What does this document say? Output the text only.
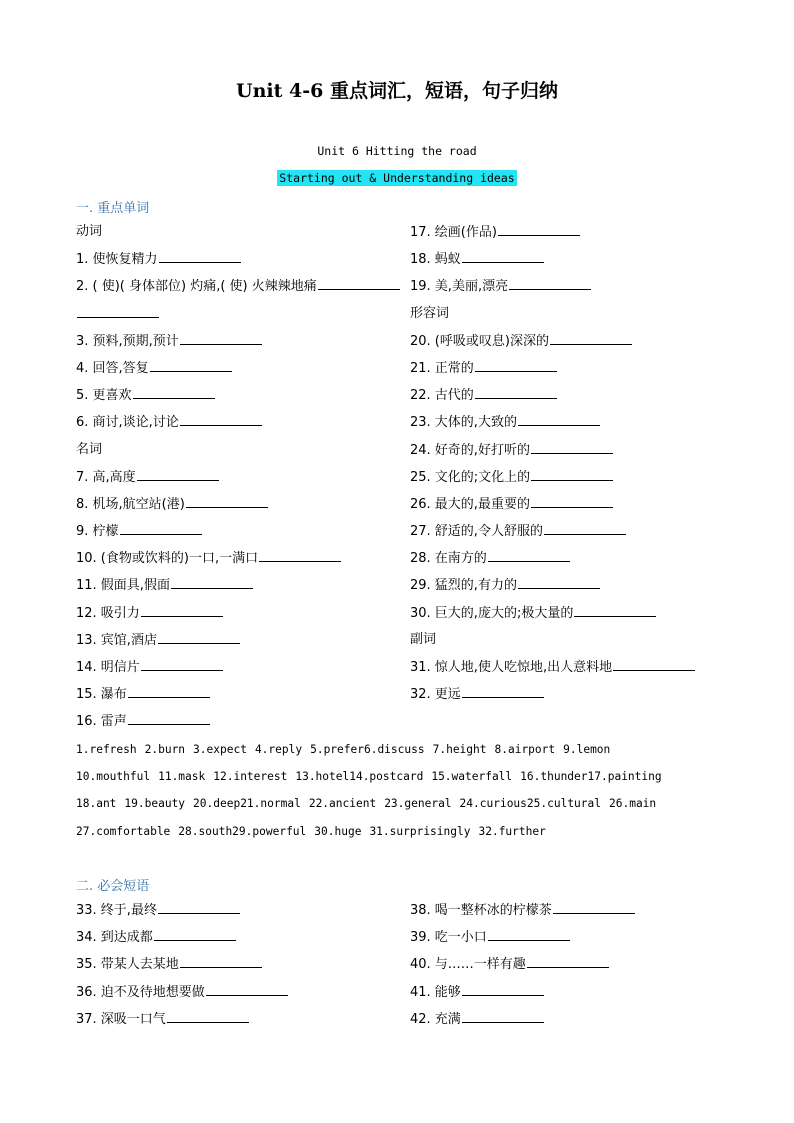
Unit 4-6 重点词汇，短语，句子归纳
Unit 6 Hitting the road
Starting out & Understanding ideas
一. 重点单词
动词
1. 使恢复精力
2. ( 使)( 身体部位) 灼痛,( 使) 火辣辣地痛
3. 预料,预期,预计
4. 回答,答复
5. 更喜欢
6. 商讨,谈论,讨论
名词
7. 高,高度
8. 机场,航空站(港)
9. 柠檬
10. (食物或饮料的)一口,一满口
11. 假面具,假面
12. 吸引力
13. 宾馆,酒店
14. 明信片
15. 瀑布
16. 雷声
17. 绘画(作品)
18. 蚂蚁
19. 美,美丽,漂亮
形容词
20. (呼吸或叹息)深深的
21. 正常的
22. 古代的
23. 大体的,大致的
24. 好奇的,好打听的
25. 文化的;文化上的
26. 最大的,最重要的
27. 舒适的,令人舒服的
28. 在南方的
29. 猛烈的,有力的
30. 巨大的,庞大的;极大量的
副词
31. 惊人地,使人吃惊地,出人意料地
32. 更远
1.refresh 2.burn 3.expect 4.reply 5.prefer6.discuss 7.height 8.airport 9.lemon
10.mouthful 11.mask 12.interest 13.hotel14.postcard 15.waterfall 16.thunder17.painting
18.ant 19.beauty 20.deep21.normal 22.ancient 23.general 24.curious25.cultural 26.main
27.comfortable 28.south29.powerful 30.huge 31.surprisingly 32.further
二. 必会短语
33. 终于,最终
34. 到达成都
35. 带某人去某地
36. 迫不及待地想要做
37. 深吸一口气
38. 喝一整杯冰的柠檬茶
39. 吃一小口
40. 与……一样有趣
41. 能够
42. 充满
